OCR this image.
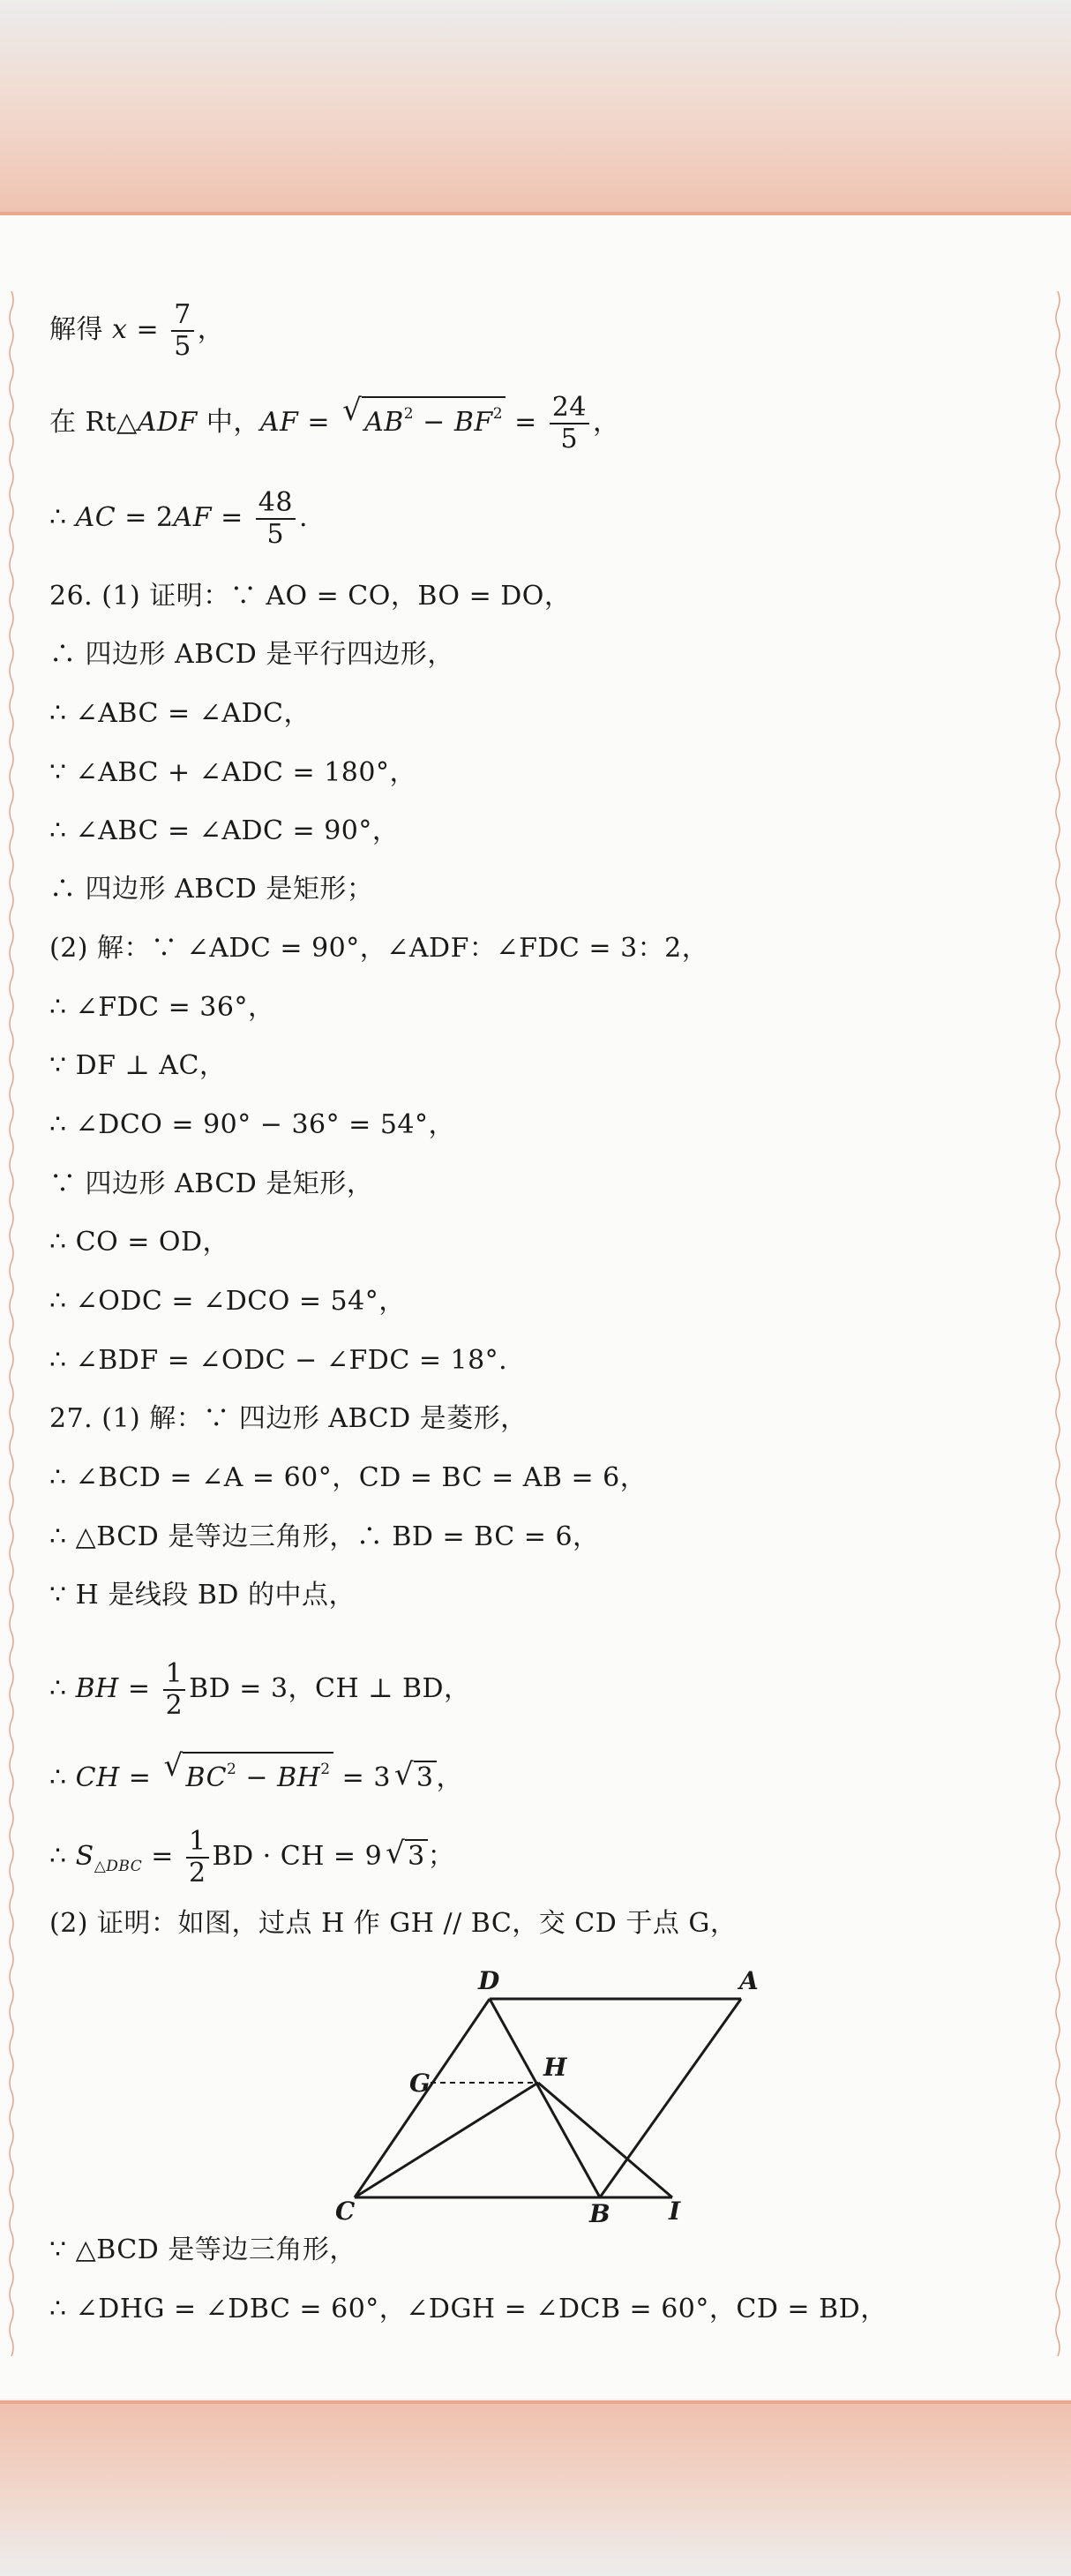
解得 $x = \frac{7}{5}$ ，
在 Rt△ADF 中，AF = √ $AB^2 - BF^2 = \frac{24}{5}$ ，
∴ AC = $2AF = \frac{48}{5}$ .
26. (1) 证明：∵ AO = CO，BO = DO，
∴ 四边形 ABCD 是平行四边形，
∴ ∠ABC = ∠ADC，
∵ ∠ABC + ∠ADC = 180°，
∴ ∠ABC = ∠ADC = 90°，
∴ 四边形 ABCD 是矩形；
(2) 解：∵ ∠ADC = 90°，∠ADF：∠FDC = 3：2，
∴ ∠FDC = 36°，
∵ DF ⊥ AC，
∴ ∠DCO = 90° − 36° = 54°，
∵ 四边形 ABCD 是矩形，
∴ CO = OD，
∴ ∠ODC = ∠DCO = 54°，
∴ ∠BDF = ∠ODC − ∠FDC = 18°.
27. (1) 解：∵ 四边形 ABCD 是菱形，
∴ ∠BCD = ∠A = 60°，CD = BC = AB = 6，
∴ △BCD 是等边三角形，∴ BD = BC = 6，
∵ H 是线段 BD 的中点，
∴ BH = $\frac{1}{2}$ BD = 3，CH ⊥ BD，
∴ CH = √ $BC^2 - BH^2 = 3$ √ 3 ，
∴ $S_{\triangle DBC} = \frac{1}{2}$ BD · CH = 9 √ 3 ；
(2) 证明：如图，过点 H 作 GH // BC，交 CD 于点 G，
D	A
G
H
C	B I
∵ △BCD 是等边三角形，
∴ ∠DHG = ∠DBC = 60°，∠DGH = ∠DCB = 60°，CD = BD，
